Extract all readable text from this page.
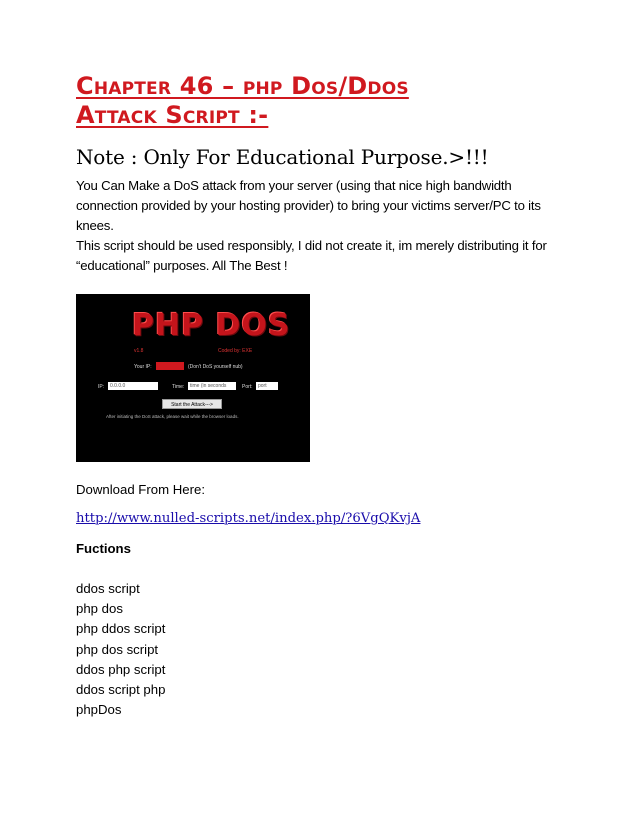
Chapter 46 – php Dos/Ddos
Attack Script :-

Note : Only For Educational Purpose.>!!!

You Can Make a DoS attack from your server (using that nice high bandwidth connection provided by your hosting provider) to bring your victims server/PC to its knees.

This script should be used responsibly, I did not create it, im merely distributing it for “educational” purposes. All The Best !

PHP DOS
v1.8	Coded by: EXE
Your IP:	(Don't DoS yourself nub)
IP:	0.0.0.0	Time:	time (in seconds	Port:	port
Start the Attack--->
After initiating the DoS attack, please wait while the browser loads.

Download From Here:

http://www.nulled-scripts.net/index.php/?6VgQKvjA

Fuctions

ddos script
php dos
php ddos script
php dos script
ddos php script
ddos script php
phpDos
